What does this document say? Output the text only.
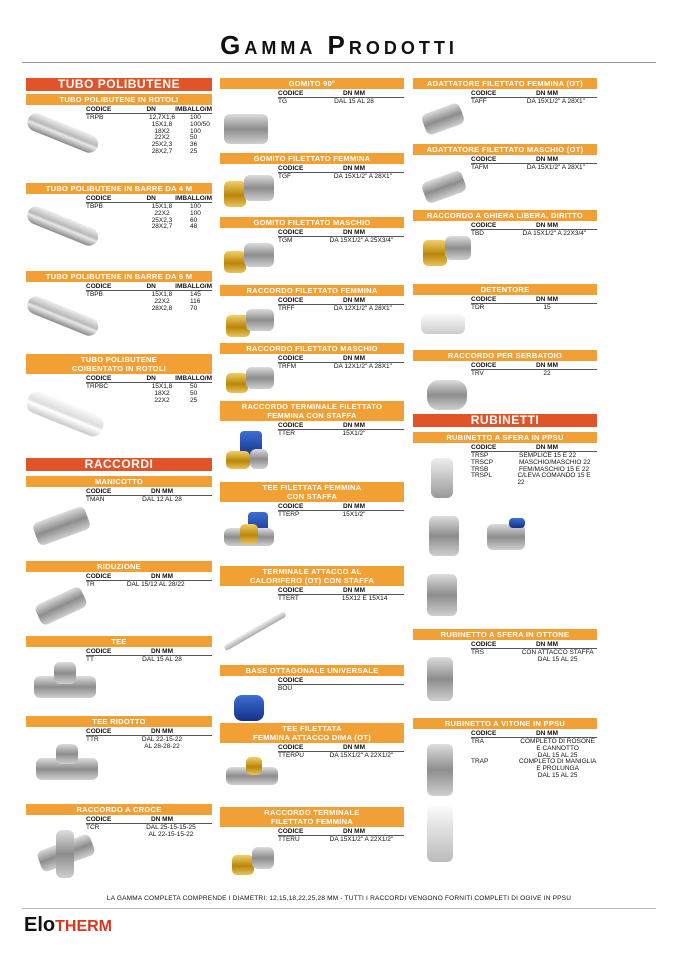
Gamma Prodotti
TUBO POLIBUTENE
TUBO POLIBUTENE IN ROTOLI
CODICE	DN	IMBALLO/M
TRPB	12,7X1,6	100
15X1,8	100/50
18X2	100
22X2	50
25X2,3	36
28X2,7	25
TUBO POLIBUTENE IN BARRE DA 4 M
CODICE	DN	IMBALLO/M
TBPB	15X1,8	100
22X2	100
25X2,3	60
28X2,7	48
TUBO POLIBUTENE IN BARRE DA 6 M
CODICE	DN	IMBALLO/M
TBPB	15X1,8	145
22X2	116
28X2,8	70
TUBO POLIBUTENE
COIBENTATO IN ROTOLI
CODICE	DN	IMBALLO/M
TRPBC	15X1,8	50
18X2	50
22X2	25
RACCORDI
MANICOTTO
CODICE	DN MM
TMAN	DAL 12 AL 28
RIDUZIONE
CODICE	DN MM
TR	DAL 15/12 AL 28/22
TEE
CODICE	DN MM
TT	DAL 15 AL 28
TEE RIDOTTO
CODICE	DN MM
TTR	DAL 22-15-22
AL 28-28-22
RACCORDO A CROCE
CODICE	DN MM
TCR	DAL 25-15-15-25
AL 22-15-15-22
GOMITO 90°
CODICE	DN MM
TG	DAL 15 AL 28
GOMITO FILETTATO FEMMINA
CODICE	DN MM
TGF	DA 15X1/2" A 28X1"
GOMITO FILETTATO MASCHIO
CODICE	DN MM
TGM	DA 15X1/2" A 25X3/4"
RACCORDO FILETTATO FEMMINA
CODICE	DN MM
TRFF	DA 12X1/2" A 28X1"
RACCORDO FILETTATO MASCHIO
CODICE	DN MM
TRFM	DA 12X1/2" A 28X1"
RACCORDO TERMINALE FILETTATO
FEMMINA CON STAFFA
CODICE	DN MM
TTER	15X1/2"
TEE FILETTATA FEMMINA
CON STAFFA
CODICE	DN MM
TTERP	15X1/2"
TERMINALE ATTACCO AL
CALORIFERO (OT) CON STAFFA
CODICE	DN MM
TTERT	15X12 E 15X14
BASE OTTAGONALE UNIVERSALE
CODICE
BOU
TEE FILETTATA
FEMMINA ATTACCO DIMA (OT)
CODICE	DN MM
TTERPU	DA 15X1/2" A 22X1/2"
RACCORDO TERMINALE
FILETTATO FEMMINA
CODICE	DN MM
TTERU	DA 15X1/2" A 22X1/2"
ADATTATORE FILETTATO FEMMINA (OT)
CODICE	DN MM
TAFF	DA 15X1/2" A 28X1"
ADATTATORE FILETTATO MASCHIO (OT)
CODICE	DN MM
TAFM	DA 15X1/2" A 28X1"
RACCORDO A GHIERA LIBERA, DIRITTO
CODICE	DN MM
TBD	DA 15X1/2" A 22X3/4"
DETENTORE
CODICE	DN MM
TDR	15
RACCORDO PER SERBATOIO
CODICE	DN MM
TRV	22
RUBINETTI
RUBINETTO A SFERA IN PPSU
CODICE	DN MM
TRSP	SEMPLICE 15 E 22
TRSCP	MASCHIO/MASCHIO 22
TRSB	FEM/MASCHIO 15 E 22
TRSPL	C/LEVA COMANDO 15 E 22
RUBINETTO A SFERA IN OTTONE
CODICE	DN MM
TRS	CON ATTACCO STAFFA
DAL 15 AL 25
RUBINETTO A VITONE IN PPSU
CODICE	DN MM
TRA	COMPLETO DI ROSONE
E CANNOTTO
DAL 15 AL 25
TRAP	COMPLETO DI MANIGLIA
E PROLUNGA
DAL 15 AL 25
LA GAMMA COMPLETA COMPRENDE I DIAMETRI: 12,15,18,22,25,28 MM - TUTTI I RACCORDI VENGONO FORNITI COMPLETI DI OGIVE IN PPSU
EloTHERM
